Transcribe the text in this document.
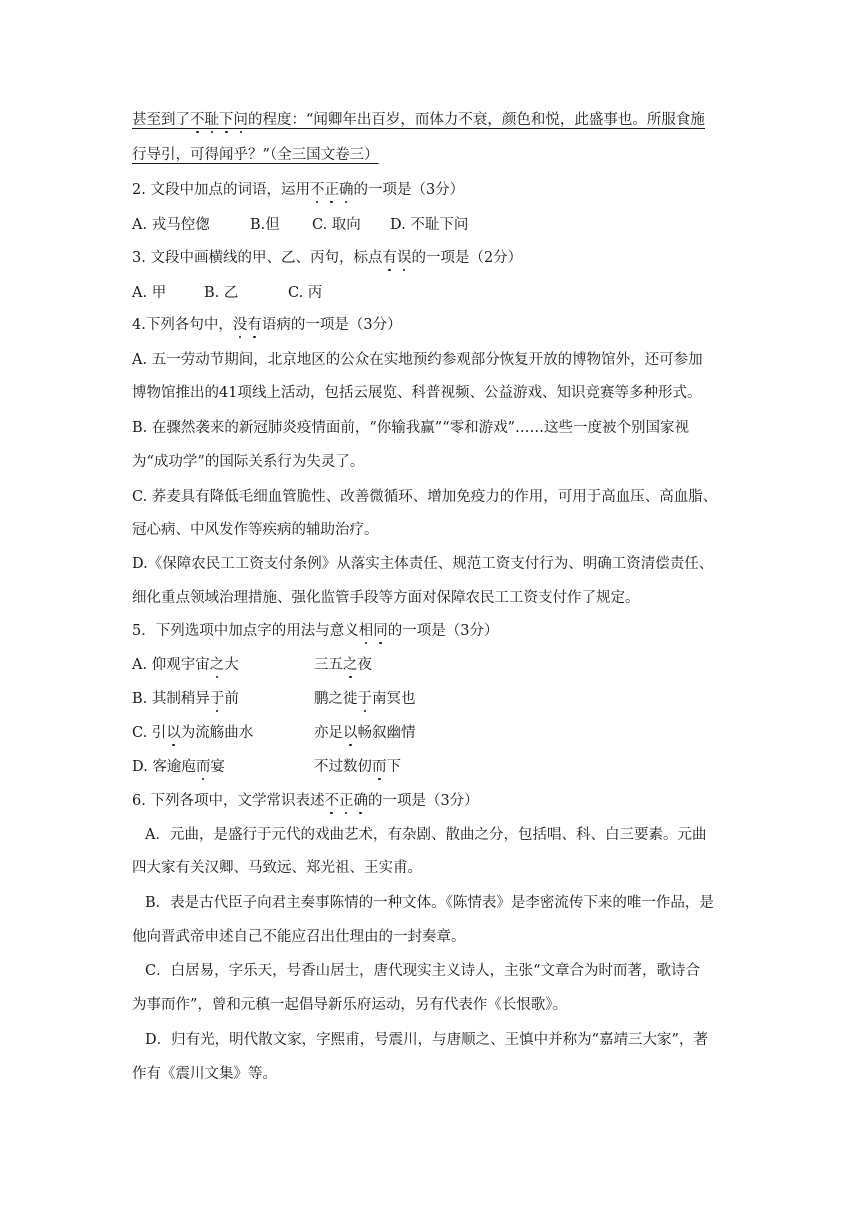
甚至到了不耻下问的程度：“闻卿年出百岁，而体力不衰，颜色和悦，此盛事也。所服食施
行导引，可得闻乎？”（全三国文卷三）
2. 文段中加点的词语，运用不正确的一项是（3分）
A. 戎马倥偬	B.但 C. 取向 D. 不耻下问
3. 文段中画横线的甲、乙、丙句，标点有误的一项是（2分）
A. 甲	B. 乙	C. 丙
4.下列各句中，没有语病的一项是（3分）
A. 五一劳动节期间，北京地区的公众在实地预约参观部分恢复开放的博物馆外，还可参加
博物馆推出的41项线上活动，包括云展览、科普视频、公益游戏、知识竞赛等多种形式。
B. 在骤然袭来的新冠肺炎疫情面前，“你输我赢”“零和游戏”……这些一度被个别国家视
为“成功学”的国际关系行为失灵了。
C. 荞麦具有降低毛细血管脆性、改善微循环、增加免疫力的作用，可用于高血压、高血脂、
冠心病、中风发作等疾病的辅助治疗。
D.《保障农民工工资支付条例》从落实主体责任、规范工资支付行为、明确工资清偿责任、
细化重点领域治理措施、强化监管手段等方面对保障农民工工资支付作了规定。
5．下列选项中加点字的用法与意义相同的一项是（3分）
A. 仰观宇宙之大	三五之夜
B. 其制稍异于前	鹏之徙于南冥也
C. 引以为流觞曲水	亦足以畅叙幽情
D. 客逾庖而宴	不过数仞而下
6. 下列各项中，文学常识表述不正确的一项是（3分）
A．元曲，是盛行于元代的戏曲艺术，有杂剧、散曲之分，包括唱、科、白三要素。元曲
四大家有关汉卿、马致远、郑光祖、王实甫。
B．表是古代臣子向君主奏事陈情的一种文体。《陈情表》是李密流传下来的唯一作品，是
他向晋武帝申述自己不能应召出仕理由的一封奏章。
C．白居易，字乐天，号香山居士，唐代现实主义诗人，主张“文章合为时而著，歌诗合
为事而作”，曾和元稹一起倡导新乐府运动，另有代表作《长恨歌》。
D．归有光，明代散文家，字熙甫，号震川，与唐顺之、王慎中并称为“嘉靖三大家”，著
作有《震川文集》等。
